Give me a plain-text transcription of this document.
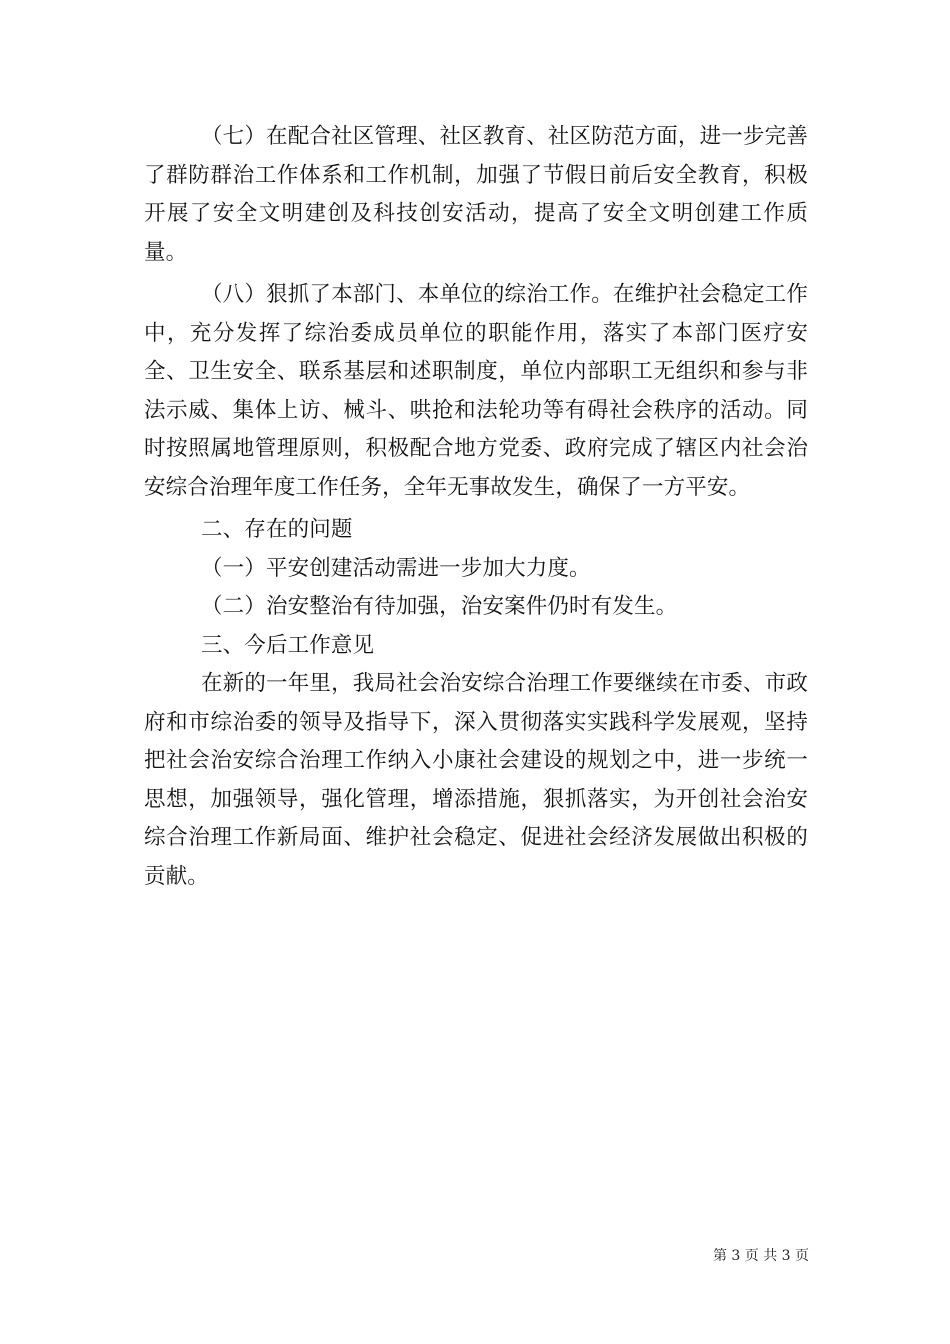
（七）在配合社区管理、社区教育、社区防范方面，进一步完善了群防群治工作体系和工作机制，加强了节假日前后安全教育，积极开展了安全文明建创及科技创安活动，提高了安全文明创建工作质量。

（八）狠抓了本部门、本单位的综治工作。在维护社会稳定工作中，充分发挥了综治委成员单位的职能作用，落实了本部门医疗安全、卫生安全、联系基层和述职制度，单位内部职工无组织和参与非法示威、集体上访、械斗、哄抢和法轮功等有碍社会秩序的活动。同时按照属地管理原则，积极配合地方党委、政府完成了辖区内社会治安综合治理年度工作任务，全年无事故发生，确保了一方平安。

二、存在的问题

（一）平安创建活动需进一步加大力度。

（二）治安整治有待加强，治安案件仍时有发生。

三、今后工作意见

在新的一年里，我局社会治安综合治理工作要继续在市委、市政府和市综治委的领导及指导下，深入贯彻落实实践科学发展观，坚持把社会治安综合治理工作纳入小康社会建设的规划之中，进一步统一思想，加强领导，强化管理，增添措施，狠抓落实，为开创社会治安综合治理工作新局面、维护社会稳定、促进社会经济发展做出积极的贡献。

第 3 页 共 3 页
